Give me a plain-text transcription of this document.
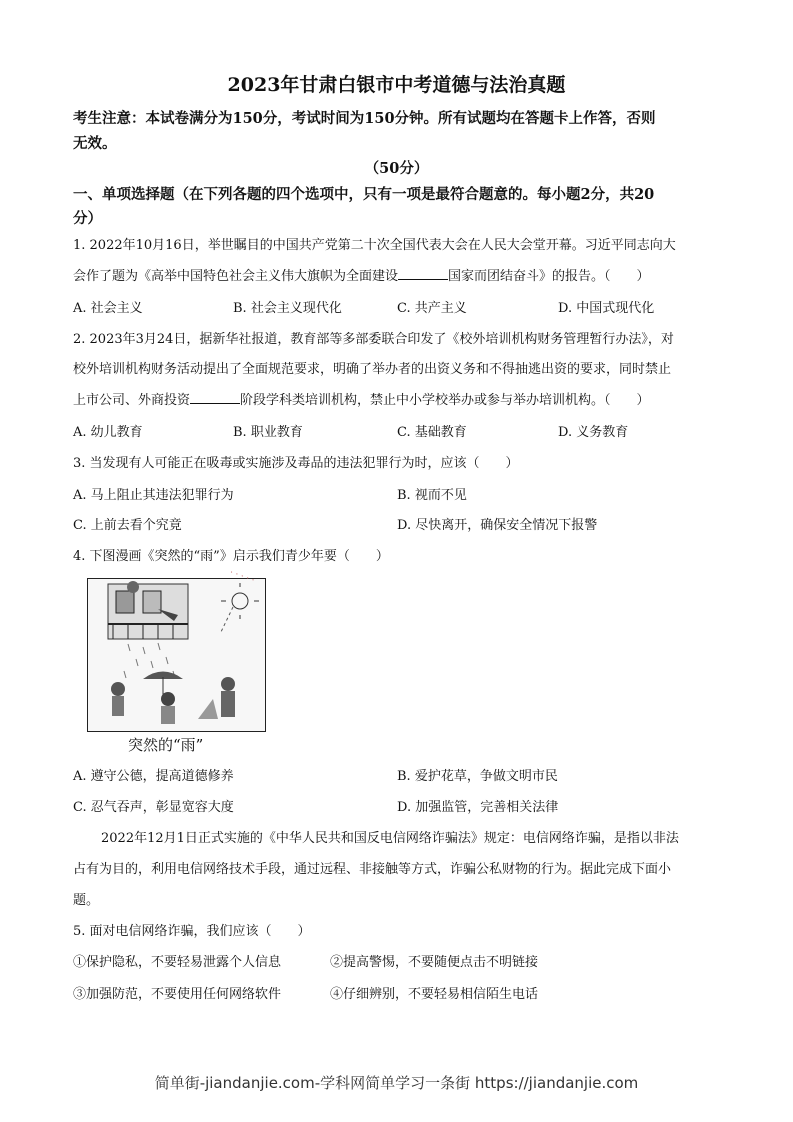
2023年甘肃白银市中考道德与法治真题
考生注意：本试卷满分为150分，考试时间为150分钟。所有试题均在答题卡上作答，否则
无效。
（50分）
一、单项选择题（在下列各题的四个选项中，只有一项是最符合题意的。每小题2分，共20
分）
1. 2022年10月16日，举世瞩目的中国共产党第二十次全国代表大会在人民大会堂开幕。习近平同志向大
会作了题为《高举中国特色社会主义伟大旗帜为全面建设	国家而团结奋斗》的报告。（　　）
A. 社会主义	B. 社会主义现代化	C. 共产主义	D. 中国式现代化
2. 2023年3月24日，据新华社报道，教育部等多部委联合印发了《校外培训机构财务管理暂行办法》，对
校外培训机构财务活动提出了全面规范要求，明确了举办者的出资义务和不得抽逃出资的要求，同时禁止
上市公司、外商投资	阶段学科类培训机构，禁止中小学校举办或参与举办培训机构。（　　）
A. 幼儿教育	B. 职业教育	C. 基础教育	D. 义务教育
3. 当发现有人可能正在吸毒或实施涉及毒品的违法犯罪行为时，应该（　　）
A. 马上阻止其违法犯罪行为	B. 视而不见
C. 上前去看个究竟	D. 尽快离开，确保安全情况下报警
4. 下图漫画《突然的“雨”》启示我们青少年要（　　）
· · · · ·
突然的“雨”
A. 遵守公德，提高道德修养	B. 爱护花草，争做文明市民
C. 忍气吞声，彰显宽容大度	D. 加强监管，完善相关法律
2022年12月1日正式实施的《中华人民共和国反电信网络诈骗法》规定：电信网络诈骗，是指以非法
占有为目的，利用电信网络技术手段，通过远程、非接触等方式，诈骗公私财物的行为。据此完成下面小
题。
5. 面对电信网络诈骗，我们应该（　　）
①保护隐私，不要轻易泄露个人信息	②提高警惕，不要随便点击不明链接
③加强防范，不要使用任何网络软件	④仔细辨别，不要轻易相信陌生电话
简单街-jiandanjie.com-学科网简单学习一条街 https://jiandanjie.com
